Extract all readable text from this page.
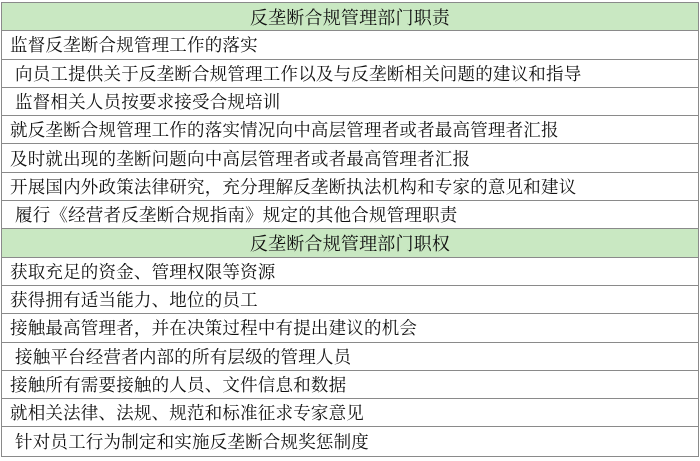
反垄断合规管理部门职责
监督反垄断合规管理工作的落实
向员工提供关于反垄断合规管理工作以及与反垄断相关问题的建议和指导
监督相关人员按要求接受合规培训
就反垄断合规管理工作的落实情况向中高层管理者或者最高管理者汇报
及时就出现的垄断问题向中高层管理者或者最高管理者汇报
开展国内外政策法律研究，充分理解反垄断执法机构和专家的意见和建议
履行《经营者反垄断合规指南》规定的其他合规管理职责
反垄断合规管理部门职权
获取充足的资金、管理权限等资源
获得拥有适当能力、地位的员工
接触最高管理者，并在决策过程中有提出建议的机会
接触平台经营者内部的所有层级的管理人员
接触所有需要接触的人员、文件信息和数据
就相关法律、法规、规范和标准征求专家意见
针对员工行为制定和实施反垄断合规奖惩制度
